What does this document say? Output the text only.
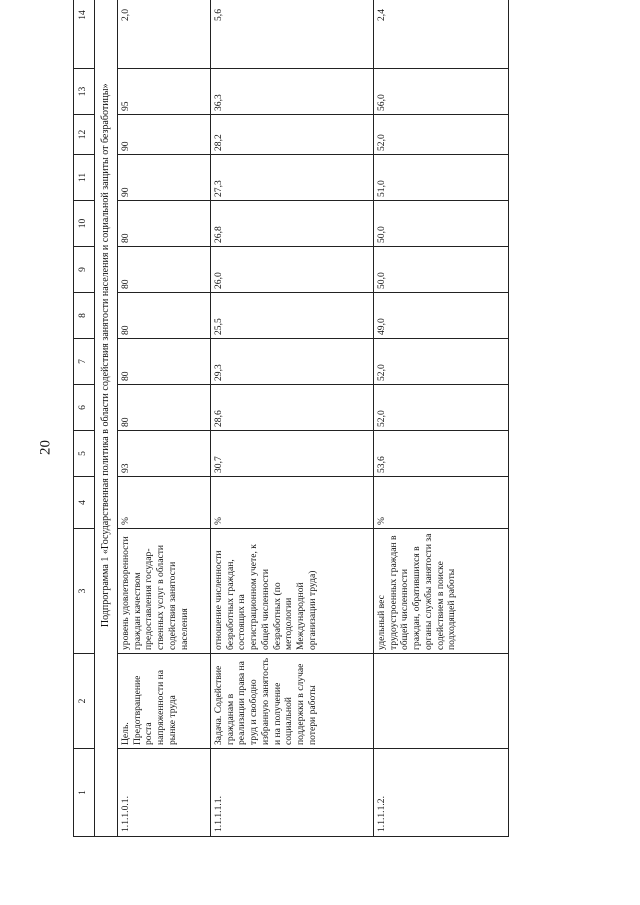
20
1	2	3	4	5	6	7	8	9	10	11	12	13	14
	Подпрограмма 1 «Государственная политика в области содействия занятости населения и социальной защиты от безработицы»												
1.1.1.0.1.	Цель. Предотвращение роста напряженности на рынке труда	уровень удовлетворенности граждан качеством предоставления государ-ственных услуг в области содействия занятости населения	%	93	80	80	80	80	80	90	90	95	2,0
1.1.1.1.1.	Задача. Содействие гражданам в реализации права на труд и свободно избранную занятость и на получение социальной поддержки в случае потери работы	отношение численности безработных граждан, состоящих на регистрационном учете, к общей численности безработных (по методологии Международной организации труда)	%	30,7	28,6	29,3	25,5	26,0	26,8	27,3	28,2	36,3	5,6
1.1.1.1.2.		удельный вес трудоустроенных граждан в общей численности граждан, обратившихся в органы службы занятости за содействием в поиске подходящей работы	%	53,6	52,0	52,0	49,0	50,0	50,0	51,0	52,0	56,0	2,4
